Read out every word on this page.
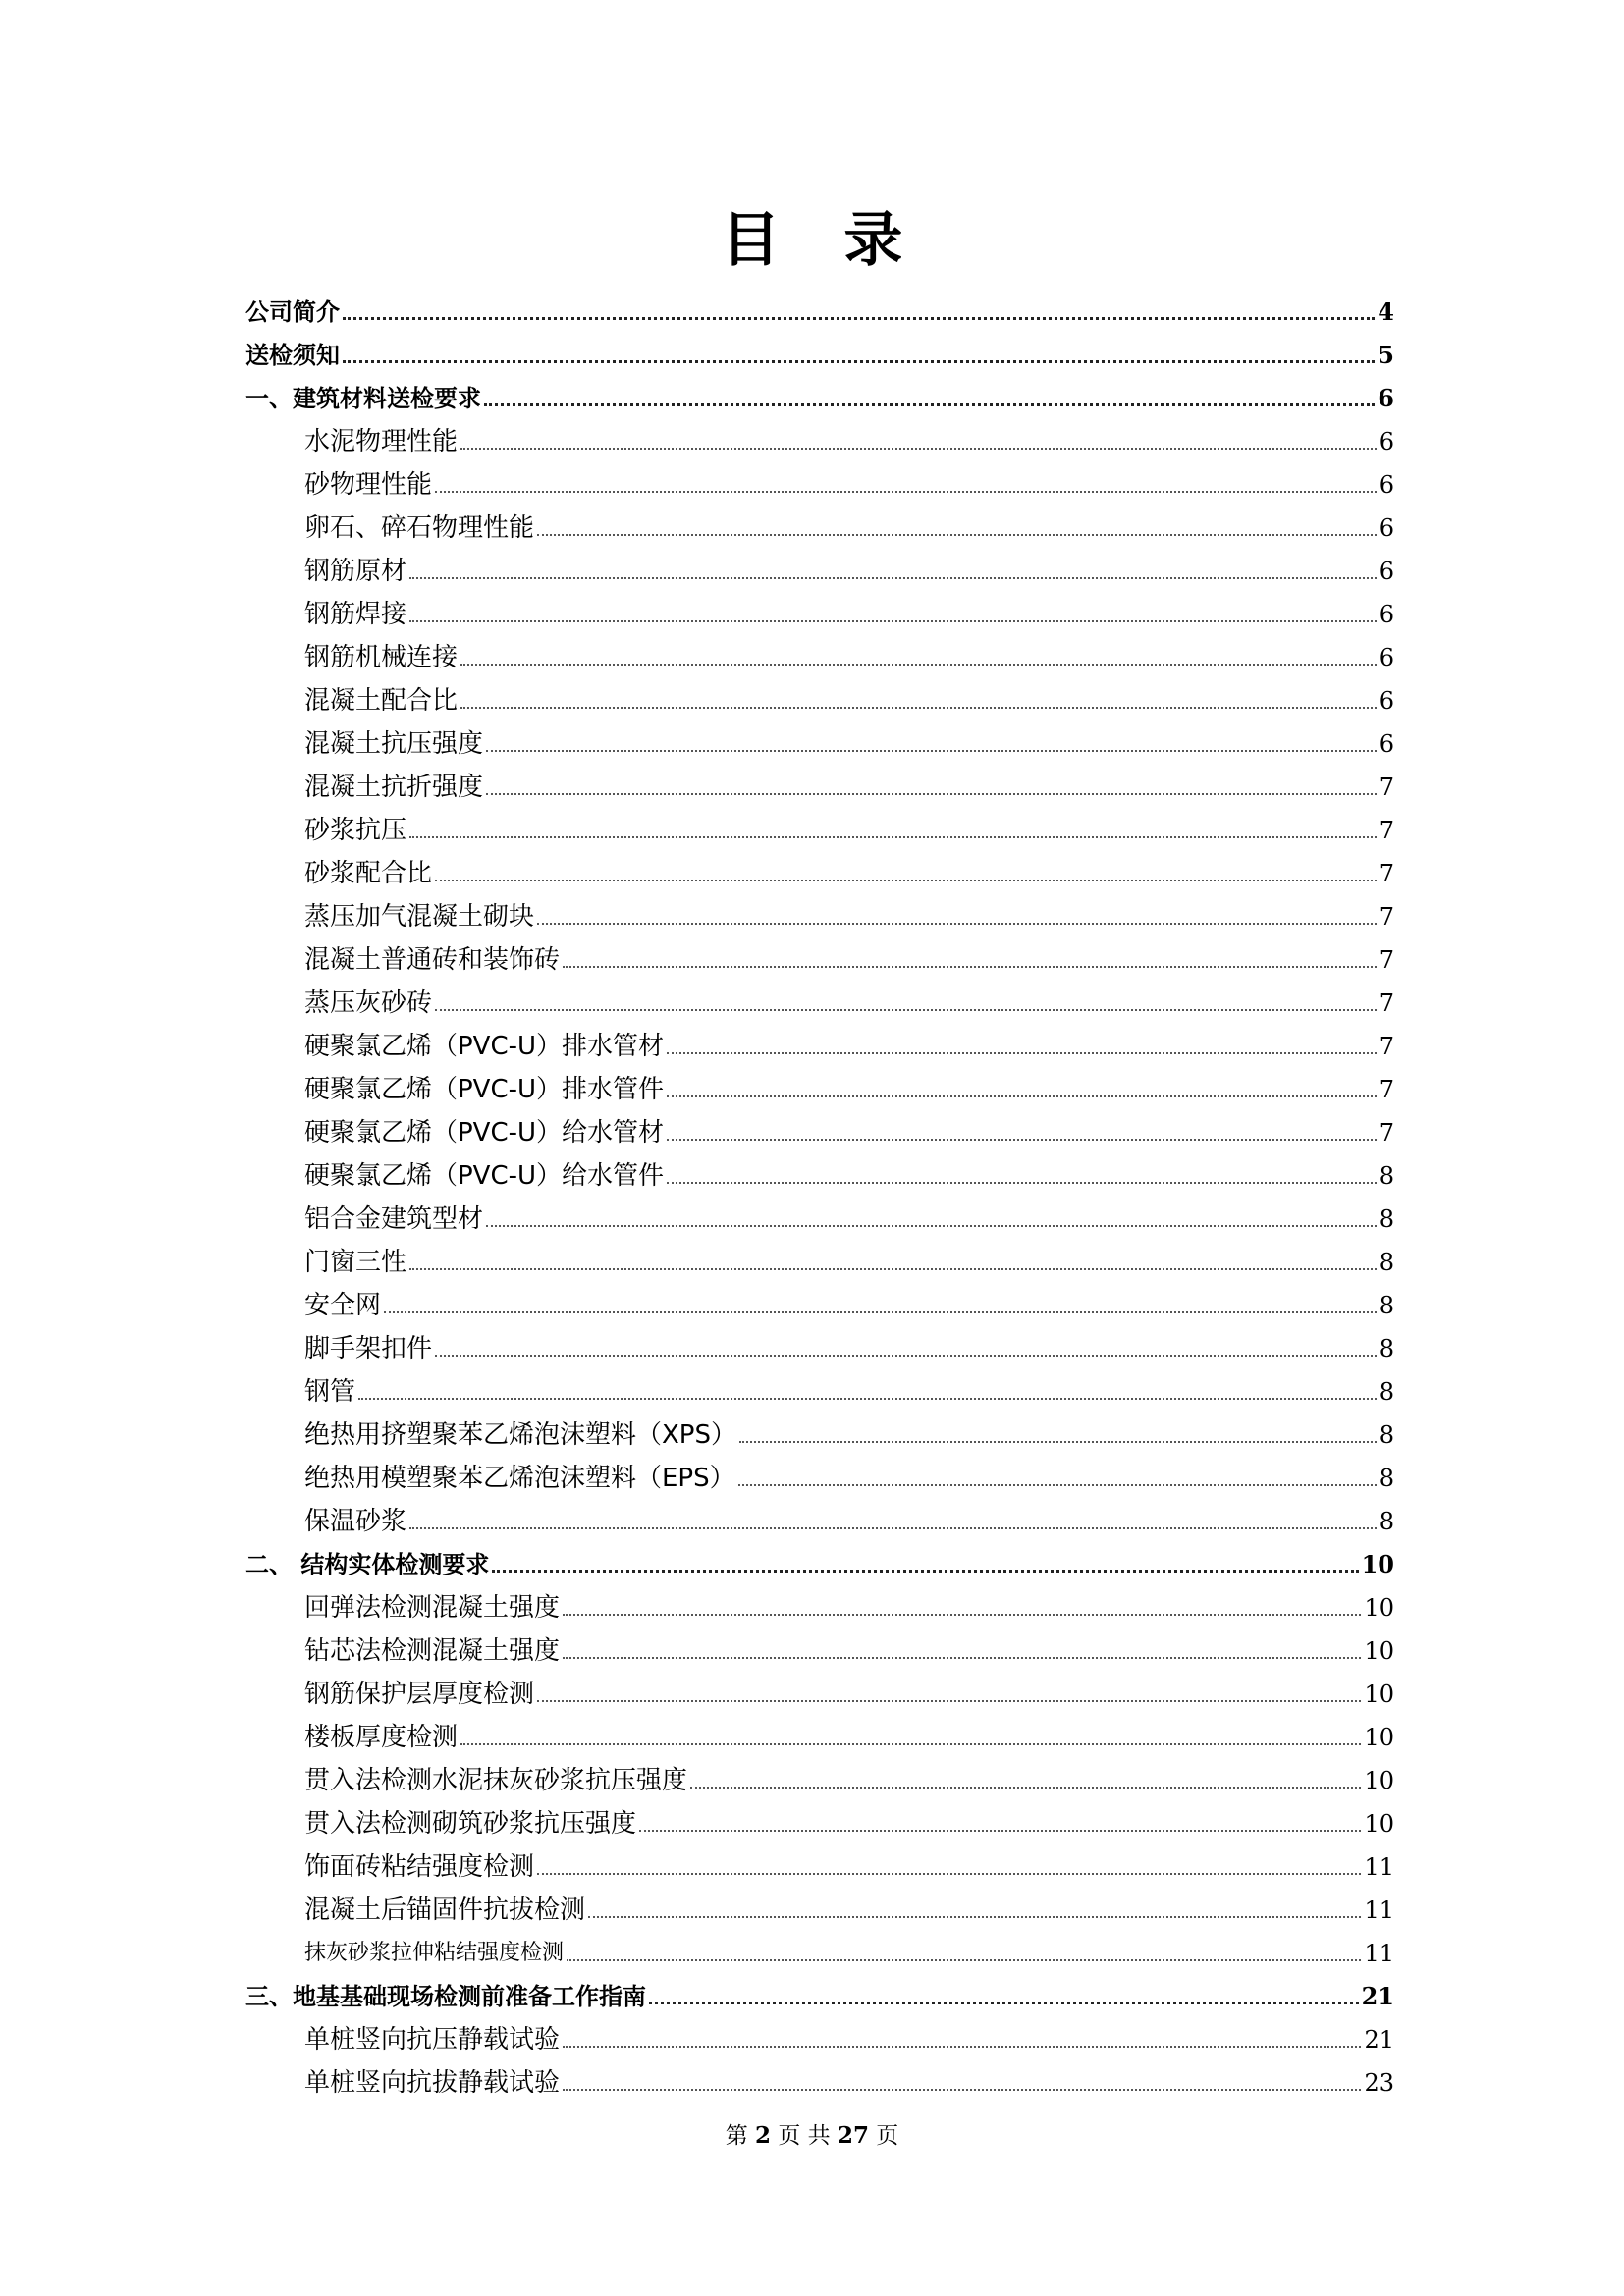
目 录
公司简介	4
送检须知	5
一、建筑材料送检要求	6
水泥物理性能	6
砂物理性能	6
卵石、碎石物理性能	6
钢筋原材	6
钢筋焊接	6
钢筋机械连接	6
混凝土配合比	6
混凝土抗压强度	6
混凝土抗折强度	7
砂浆抗压	7
砂浆配合比	7
蒸压加气混凝土砌块	7
混凝土普通砖和装饰砖	7
蒸压灰砂砖	7
硬聚氯乙烯（PVC-U）排水管材	7
硬聚氯乙烯（PVC-U）排水管件	7
硬聚氯乙烯（PVC-U）给水管材	7
硬聚氯乙烯（PVC-U）给水管件	8
铝合金建筑型材	8
门窗三性	8
安全网	8
脚手架扣件	8
钢管	8
绝热用挤塑聚苯乙烯泡沫塑料（XPS）	8
绝热用模塑聚苯乙烯泡沫塑料（EPS）	8
保温砂浆	8
二、 结构实体检测要求	10
回弹法检测混凝土强度	10
钻芯法检测混凝土强度	10
钢筋保护层厚度检测	10
楼板厚度检测	10
贯入法检测水泥抹灰砂浆抗压强度	10
贯入法检测砌筑砂浆抗压强度	10
饰面砖粘结强度检测	11
混凝土后锚固件抗拔检测	11
抹灰砂浆拉伸粘结强度检测	11
三、地基基础现场检测前准备工作指南	21
单桩竖向抗压静载试验	21
单桩竖向抗拔静载试验	23
第 2 页 共 27 页
